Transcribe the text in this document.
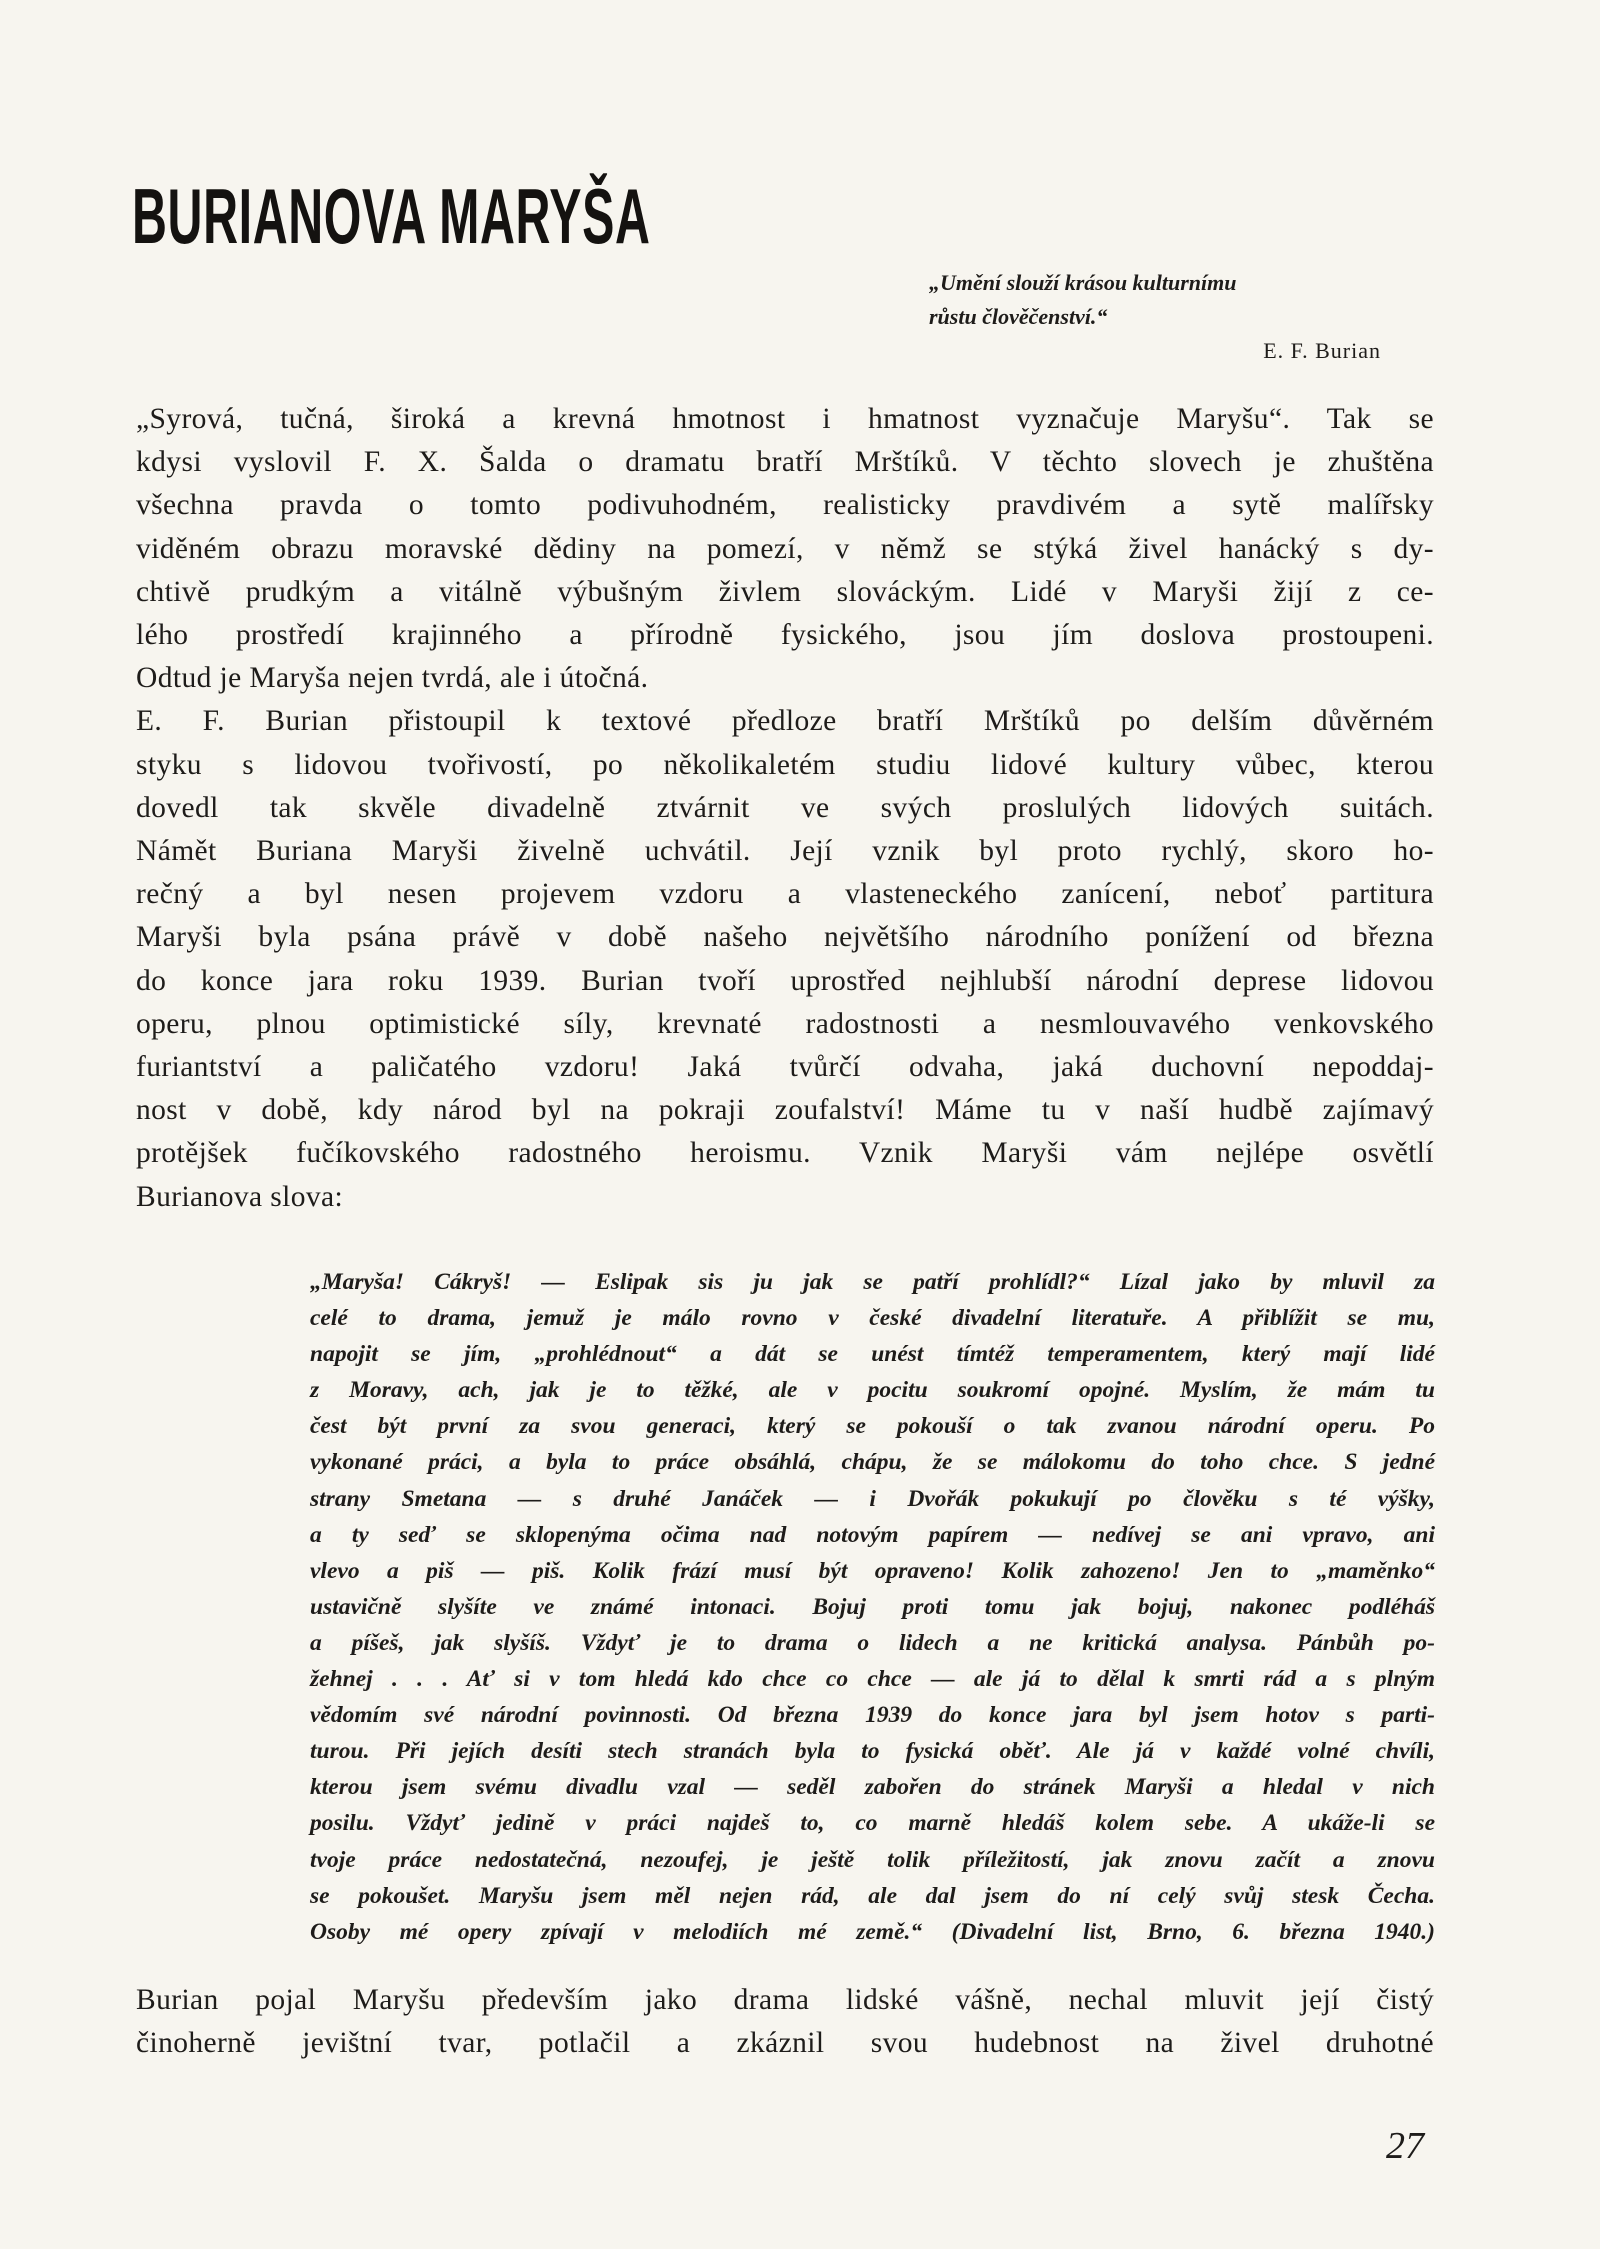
BURIANOVA MARYŠA
„Umění slouží krásou kulturnímu
růstu člověčenství.“
E. F. Burian
„Syrová, tučná, široká a krevná hmotnost i hmatnost vyznačuje Maryšu“. Tak se
kdysi vyslovil F. X. Šalda o dramatu bratří Mrštíků. V těchto slovech je zhuštěna
všechna pravda o tomto podivuhodném, realisticky pravdivém a sytě malířsky
viděném obrazu moravské dědiny na pomezí, v němž se stýká živel hanácký s dy-
chtivě prudkým a vitálně výbušným živlem slováckým. Lidé v Maryši žijí z ce-
lého prostředí krajinného a přírodně fysického, jsou jím doslova prostoupeni.
Odtud je Maryša nejen tvrdá, ale i útočná.
E. F. Burian přistoupil k textové předloze bratří Mrštíků po delším důvěrném
styku s lidovou tvořivostí, po několikaletém studiu lidové kultury vůbec, kterou
dovedl tak skvěle divadelně ztvárnit ve svých proslulých lidových suitách.
Námět Buriana Maryši živelně uchvátil. Její vznik byl proto rychlý, skoro ho-
rečný a byl nesen projevem vzdoru a vlasteneckého zanícení, neboť partitura
Maryši byla psána právě v době našeho největšího národního ponížení od března
do konce jara roku 1939. Burian tvoří uprostřed nejhlubší národní deprese lidovou
operu, plnou optimistické síly, krevnaté radostnosti a nesmlouvavého venkovského
furiantství a paličatého vzdoru! Jaká tvůrčí odvaha, jaká duchovní nepoddaj-
nost v době, kdy národ byl na pokraji zoufalství! Máme tu v naší hudbě zajímavý
protějšek fučíkovského radostného heroismu. Vznik Maryši vám nejlépe osvětlí
Burianova slova:
„Maryša! Cákryš! — Eslipak sis ju jak se patří prohlídl?“ Lízal jako by mluvil za
celé to drama, jemuž je málo rovno v české divadelní literatuře. A přiblížit se mu,
napojit se jím, „prohlédnout“ a dát se unést tímtéž temperamentem, který mají lidé
z Moravy, ach, jak je to těžké, ale v pocitu soukromí opojné. Myslím, že mám tu
čest být první za svou generaci, který se pokouší o tak zvanou národní operu. Po
vykonané práci, a byla to práce obsáhlá, chápu, že se málokomu do toho chce. S jedné
strany Smetana — s druhé Janáček — i Dvořák pokukují po člověku s té výšky,
a ty seď se sklopenýma očima nad notovým papírem — nedívej se ani vpravo, ani
vlevo a piš — piš. Kolik frází musí být opraveno! Kolik zahozeno! Jen to „maměnko“
ustavičně slyšíte ve známé intonaci. Bojuj proti tomu jak bojuj, nakonec podléháš
a píšeš, jak slyšíš. Vždyť je to drama o lidech a ne kritická analysa. Pánbůh po-
žehnej . . . Ať si v tom hledá kdo chce co chce — ale já to dělal k smrti rád a s plným
vědomím své národní povinnosti. Od března 1939 do konce jara byl jsem hotov s parti-
turou. Při jejích desíti stech stranách byla to fysická oběť. Ale já v každé volné chvíli,
kterou jsem svému divadlu vzal — seděl zabořen do stránek Maryši a hledal v nich
posilu. Vždyť jedině v práci najdeš to, co marně hledáš kolem sebe. A ukáže-li se
tvoje práce nedostatečná, nezoufej, je ještě tolik příležitostí, jak znovu začít a znovu
se pokoušet. Maryšu jsem měl nejen rád, ale dal jsem do ní celý svůj stesk Čecha.
Osoby mé opery zpívají v melodiích mé země.“ (Divadelní list, Brno, 6. března 1940.)
Burian pojal Maryšu především jako drama lidské vášně, nechal mluvit její čistý
činoherně jevištní tvar, potlačil a zkáznil svou hudebnost na živel druhotné
27
